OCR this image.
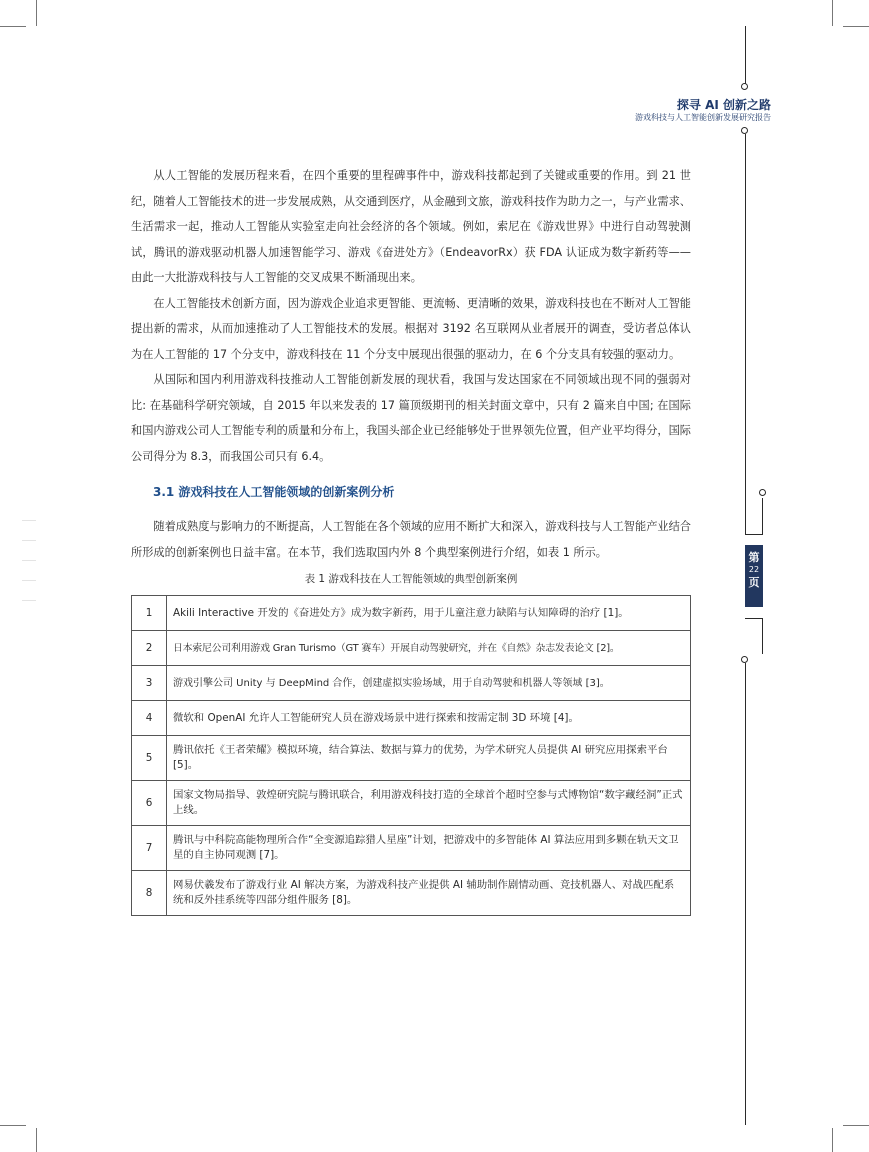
探寻 AI 创新之路
游戏科技与人工智能创新发展研究报告
第
22
页

从人工智能的发展历程来看，在四个重要的里程碑事件中，游戏科技都起到了关键或重要的作用。到 21 世纪，随着人工智能技术的进一步发展成熟，从交通到医疗，从金融到文旅，游戏科技作为助力之一，与产业需求、生活需求一起，推动人工智能从实验室走向社会经济的各个领域。例如，索尼在《游戏世界》中进行自动驾驶测试，腾讯的游戏驱动机器人加速智能学习、游戏《奋进处方》（EndeavorRx）获 FDA 认证成为数字新药等——由此一大批游戏科技与人工智能的交叉成果不断涌现出来。

在人工智能技术创新方面，因为游戏企业追求更智能、更流畅、更清晰的效果，游戏科技也在不断对人工智能提出新的需求，从而加速推动了人工智能技术的发展。根据对 3192 名互联网从业者展开的调查，受访者总体认为在人工智能的 17 个分支中，游戏科技在 11 个分支中展现出很强的驱动力，在 6 个分支具有较强的驱动力。

从国际和国内利用游戏科技推动人工智能创新发展的现状看，我国与发达国家在不同领域出现不同的强弱对比: 在基础科学研究领域，自 2015 年以来发表的 17 篇顶级期刊的相关封面文章中，只有 2 篇来自中国; 在国际和国内游戏公司人工智能专利的质量和分布上，我国头部企业已经能够处于世界领先位置，但产业平均得分，国际公司得分为 8.3，而我国公司只有 6.4。

3.1 游戏科技在人工智能领域的创新案例分析

随着成熟度与影响力的不断提高，人工智能在各个领域的应用不断扩大和深入，游戏科技与人工智能产业结合所形成的创新案例也日益丰富。在本节，我们选取国内外 8 个典型案例进行介绍，如表 1 所示。

表 1 游戏科技在人工智能领域的典型创新案例
1	Akili Interactive 开发的《奋进处方》成为数字新药，用于儿童注意力缺陷与认知障碍的治疗 [1]。
2	日本索尼公司利用游戏 Gran Turismo（GT 赛车）开展自动驾驶研究，并在《自然》杂志发表论文 [2]。
3	游戏引擎公司 Unity 与 DeepMind 合作，创建虚拟实验场域，用于自动驾驶和机器人等领域 [3]。
4	微软和 OpenAI 允许人工智能研究人员在游戏场景中进行探索和按需定制 3D 环境 [4]。
5	腾讯依托《王者荣耀》模拟环境，结合算法、数据与算力的优势，为学术研究人员提供 AI 研究应用探索平台 [5]。
6	国家文物局指导、敦煌研究院与腾讯联合，利用游戏科技打造的全球首个超时空参与式博物馆“数字藏经洞”正式上线。
7	腾讯与中科院高能物理所合作“全变源追踪猎人星座”计划，把游戏中的多智能体 AI 算法应用到多颗在轨天文卫星的自主协同观测 [7]。
8	网易伏羲发布了游戏行业 AI 解决方案，为游戏科技产业提供 AI 辅助制作剧情动画、竞技机器人、对战匹配系统和反外挂系统等四部分组件服务 [8]。
